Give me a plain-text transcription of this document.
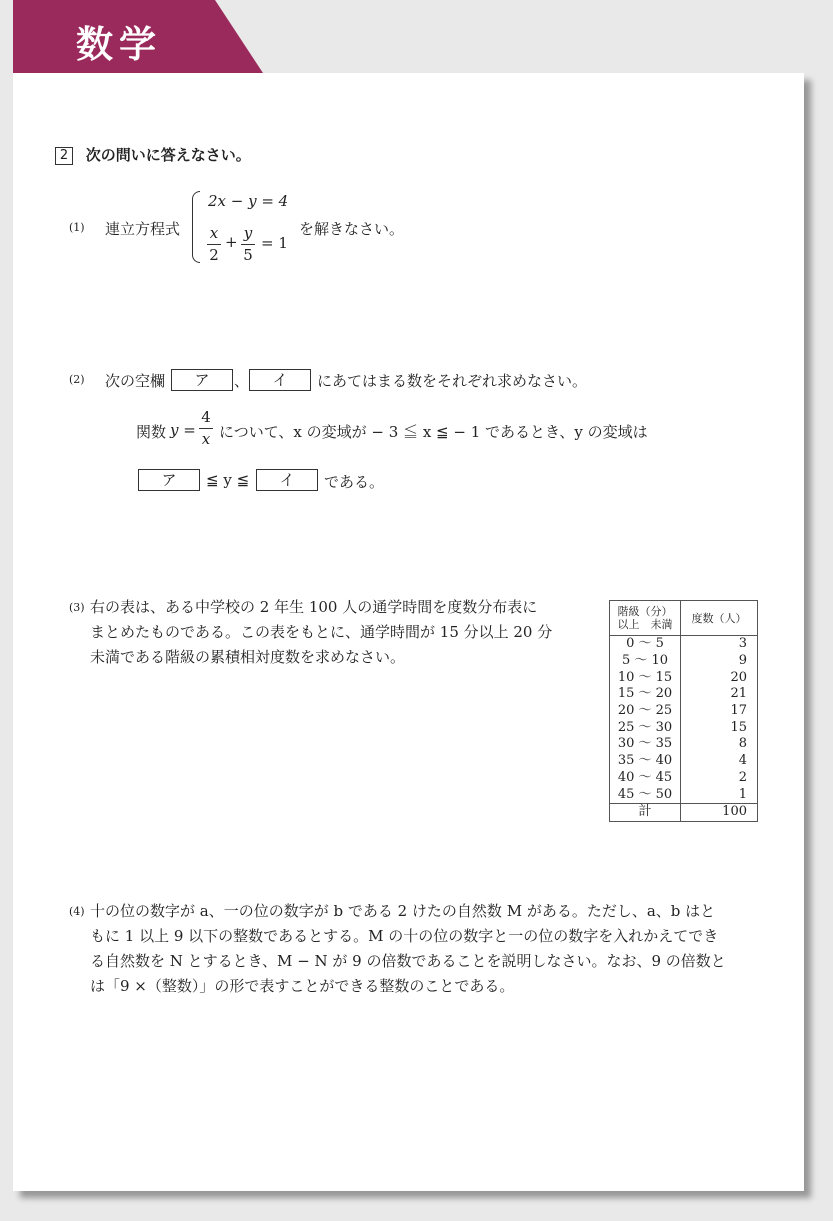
数学
2 次の問いに答えなさい。
(1) 連立方程式
2x − y = 4
x
2
+ y
5
= 1
を解きなさい。
(2) 次の空欄	ア	、	イ	にあてはまる数をそれぞれ求めなさい。
関数 y =
4
x について、x の変域が − 3 ≦ x ≦ − 1 であるとき、y の変域は
ア	≦ y ≦	イ	である。
(3) 右の表は、ある中学校の 2 年生 100 人の通学時間を度数分布表に
まとめたものである。この表をもとに、通学時間が 15 分以上 20 分
未満である階級の累積相対度数を求めなさい。
階級（分）
以上　未満	度数（人）
0 ～ 5	3
5 ～ 10	9
10 ～ 15	20
15 ～ 20	21
20 ～ 25	17
25 ～ 30	15
30 ～ 35	8
35 ～ 40	4
40 ～ 45	2
45 ～ 50	1
計	100
(4) 十の位の数字が a、一の位の数字が b である 2 けたの自然数 M がある。ただし、a、b はと
もに 1 以上 9 以下の整数であるとする。M の十の位の数字と一の位の数字を入れかえてでき
る自然数を N とするとき、M − N が 9 の倍数であることを説明しなさい。なお、9 の倍数と
は「9 ×（整数）」の形で表すことができる整数のことである。
